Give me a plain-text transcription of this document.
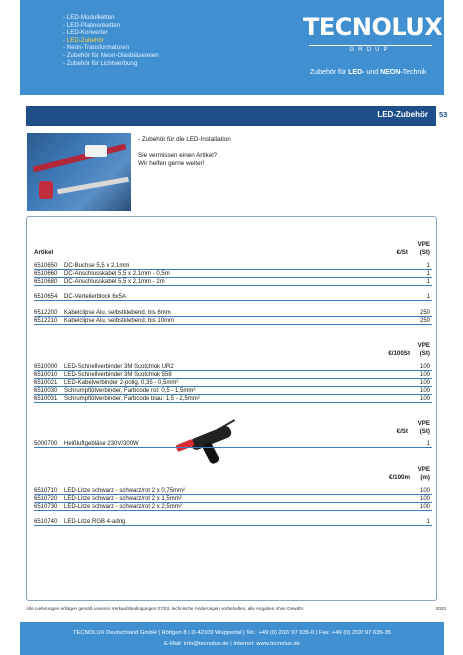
- LED-Modulketten
- LED-Platinenketten
- LED-Konverter
- LED-Zubehör
- Neon-Transformatoren
- Zubehör für Neon-Glasbläsereien
- Zubehör für Lichtwerbung
TECNOLUX
GROUP
Zubehör für LED- und NEON-Technik
LED-Zubehör 53
- Zubehör für die LED-Installation
Sie vermissen einen Artikel?
Wir helfen gerne weiter!
Artikel	€/St
VPE
(St)
6510650	DC-Buchse 5,5 x 2,1mm	1
6510660	DC-Anschlusskabel 5,5 x 2,1mm - 0,5m	1
6510680	DC-Anschlusskabel 5,5 x 2,1mm - 2m	1
6510654	DC-Verteilerblock 6x5A	1
6512200	Kabelclipse Alu, selbstklebend, bis 6mm	250
6512210	Kabelclipse Alu, selbstklebend, bis 10mm	250
€/100St
VPE
(St)
6510000	LED-Schnellverbinder 3M Scotchlok UR2	100
6510010	LED-Schnellverbinder 3M Scotchlok 558	100
6510021	LED-Kabelverbinder 2-polig, 0,35 - 0,5mm²	100
6510030	Schrumpflötverbinder, Farbcode rot: 0,5 - 1,5mm²	100
6510031	Schrumpflötverbinder, Farbcode blau: 1,5 - 2,5mm²	100
€/St
VPE
(St)
5000700	Heißluftgebläse 230V/300W	1
€/100m
VPE
(m)
6510710	LED-Litze schwarz - schwarz/rot 2 x 0,75mm²	100
6510720	LED-Litze schwarz - schwarz/rot 2 x 1,5mm²	100
6510730	LED-Litze schwarz - schwarz/rot 2 x 2,5mm²	100
6510740	LED-Litze RGB 4-adrig	1
Alle Lieferungen erfolgen gemäß unseren Verkaufsbedingungen 07/03, technische Änderungen vorbehalten, alle Angaben ohne Gewähr.	2023
TECNOLUX Deutschland GmbH | Röttgen 8 | D-42109 Wuppertal | Tel.: +49 (0) 202/ 97 635-0 | Fax: +49 (0) 202/ 97 635-35
E-Mail: info@tecnolux.de | Internet: www.tecnolux.de
